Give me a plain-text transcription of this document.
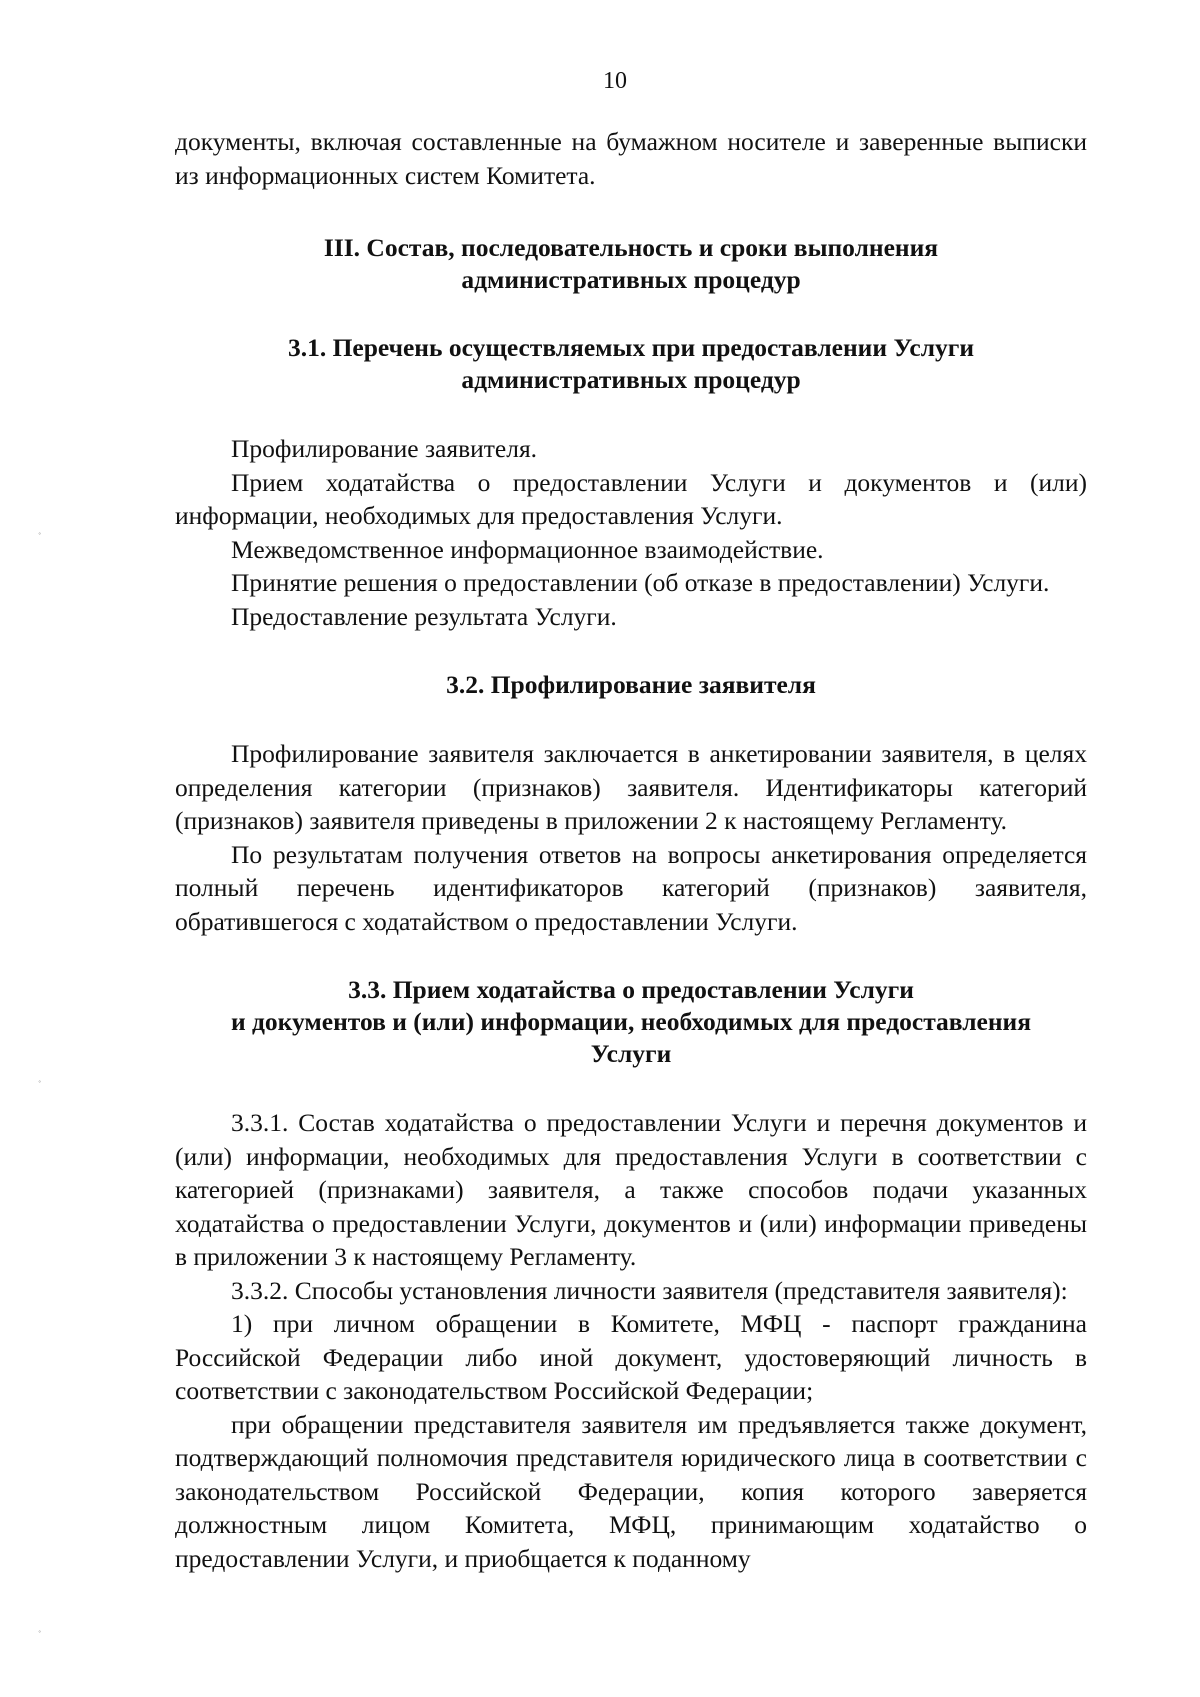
10

документы, включая составленные на бумажном носителе и заверенные выписки из информационных систем Комитета.

III. Состав, последовательность и сроки выполнения
административных процедур
3.1. Перечень осуществляемых при предоставлении Услуги
административных процедур

Профилирование заявителя.

Прием ходатайства о предоставлении Услуги и документов и (или) информации, необходимых для предоставления Услуги.

Межведомственное информационное взаимодействие.

Принятие решения о предоставлении (об отказе в предоставлении) Услуги.

Предоставление результата Услуги.

3.2. Профилирование заявителя

Профилирование заявителя заключается в анкетировании заявителя, в целях определения категории (признаков) заявителя. Идентификаторы категорий (признаков) заявителя приведены в приложении 2 к настоящему Регламенту.

По результатам получения ответов на вопросы анкетирования определяется полный перечень идентификаторов категорий (признаков) заявителя, обратившегося с ходатайством о предоставлении Услуги.

3.3. Прием ходатайства о предоставлении Услуги
и документов и (или) информации, необходимых для предоставления
Услуги

3.3.1. Состав ходатайства о предоставлении Услуги и перечня документов и (или) информации, необходимых для предоставления Услуги в соответствии с категорией (признаками) заявителя, а также способов подачи указанных ходатайства о предоставлении Услуги, документов и (или) информации приведены в приложении 3 к настоящему Регламенту.

3.3.2. Способы установления личности заявителя (представителя заявителя):

1) при личном обращении в Комитете, МФЦ - паспорт гражданина Российской Федерации либо иной документ, удостоверяющий личность в соответствии с законодательством Российской Федерации;

при обращении представителя заявителя им предъявляется также документ, подтверждающий полномочия представителя юридического лица в соответствии с законодательством Российской Федерации, копия которого заверяется должностным лицом Комитета, МФЦ, принимающим ходатайство о предоставлении Услуги, и приобщается к поданному

˚
˚
˚
